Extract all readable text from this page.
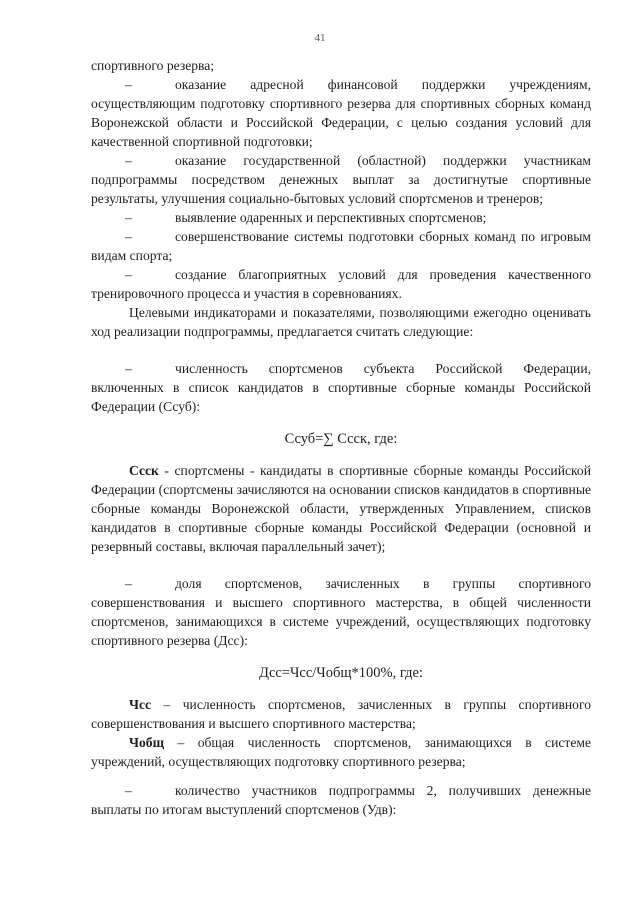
41

спортивного резерва;

–	оказание адресной финансовой поддержки учреждениям, осуществляющим подготовку спортивного резерва для спортивных сборных команд Воронежской области и Российской Федерации, с целью создания условий для качественной спортивной подготовки;

–	оказание государственной (областной) поддержки участникам подпрограммы посредством денежных выплат за достигнутые спортивные результаты, улучшения социально-бытовых условий спортсменов и тренеров;

–	выявление одаренных и перспективных спортсменов;

–	совершенствование системы подготовки сборных команд по игровым видам спорта;

–	создание благоприятных условий для проведения качественного тренировочного процесса и участия в соревнованиях.

Целевыми индикаторами и показателями, позволяющими ежегодно оценивать ход реализации подпрограммы, предлагается считать следующие:

–	численность спортсменов субъекта Российской Федерации, включенных в список кандидатов в спортивные сборные команды Российской Федерации (Ссуб):

Ссуб=∑ Ссск, где:

Ссск - спортсмены - кандидаты в спортивные сборные команды Российской Федерации (спортсмены зачисляются на основании списков кандидатов в спортивные сборные команды Воронежской области, утвержденных Управлением, списков кандидатов в спортивные сборные команды Российской Федерации (основной и резервный составы, включая параллельный зачет);

–	доля спортсменов, зачисленных в группы спортивного совершенствования и высшего спортивного мастерства, в общей численности спортсменов, занимающихся в системе учреждений, осуществляющих подготовку спортивного резерва (Дсс):

Дсс=Чсс/Чобщ*100%, где:

Чсс – численность спортсменов, зачисленных в группы спортивного совершенствования и высшего спортивного мастерства;

Чобщ – общая численность спортсменов, занимающихся в системе учреждений, осуществляющих подготовку спортивного резерва;

–	количество участников подпрограммы 2, получивших денежные выплаты по итогам выступлений спортсменов (Удв):
